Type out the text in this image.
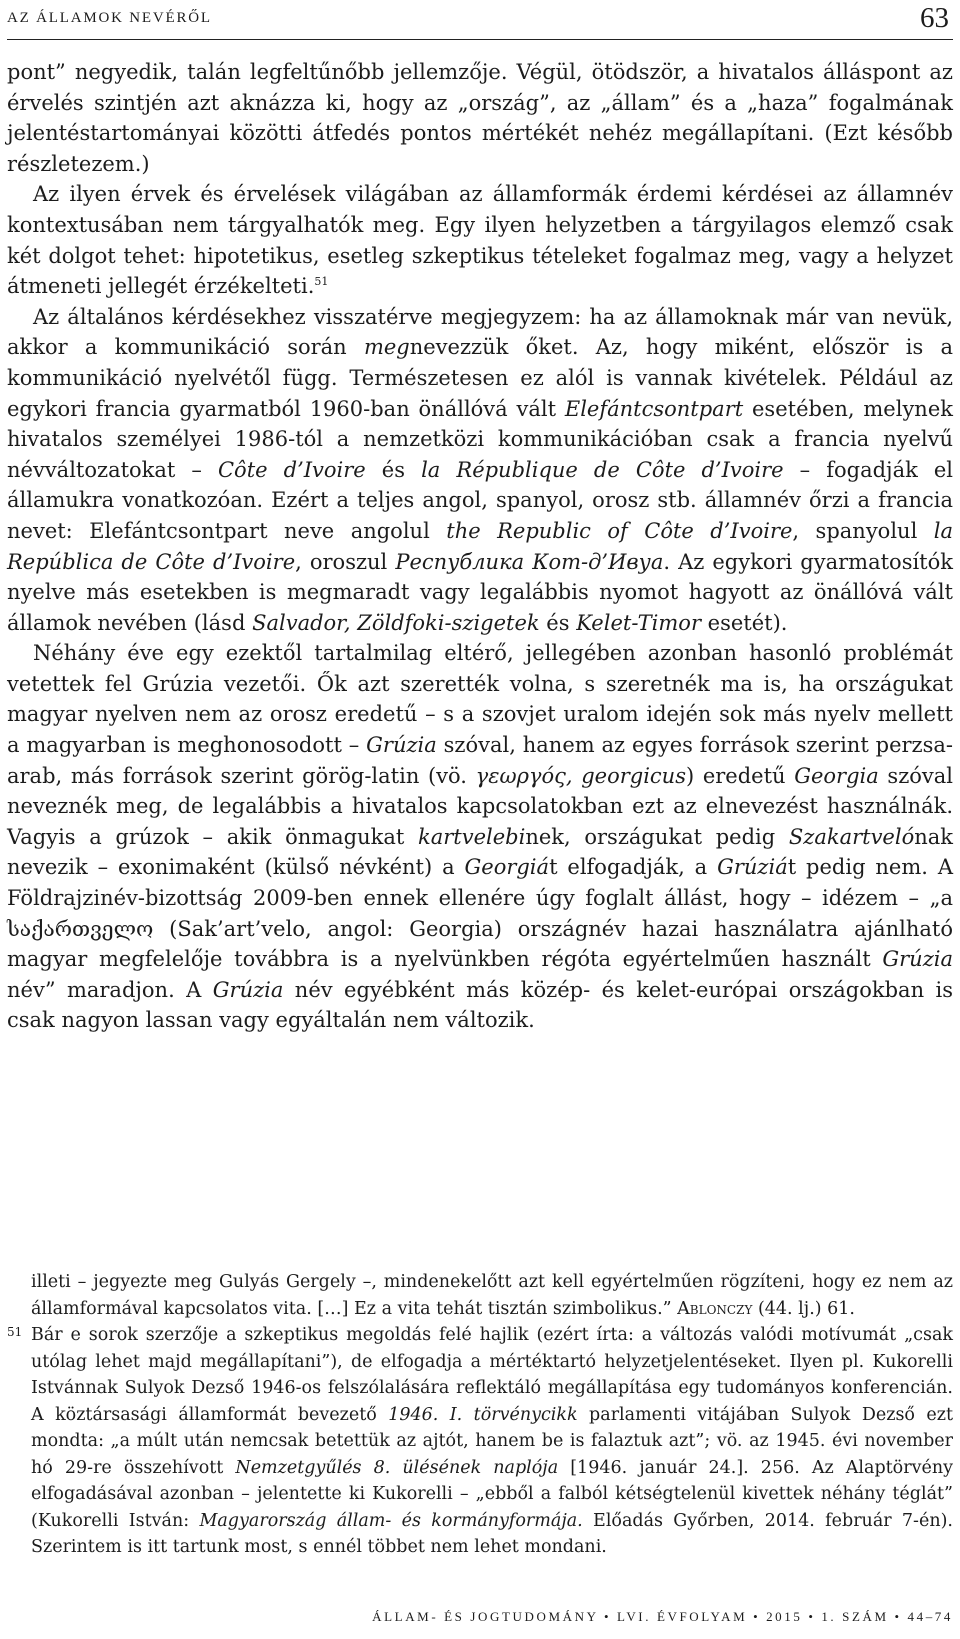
AZ ÁLLAMOK NEVÉRŐL	63

pont” negyedik, talán legfeltűnőbb jellemzője. Végül, ötödször, a hivatalos álláspont az érvelés szintjén azt aknázza ki, hogy az „ország”, az „állam” és a „haza” fogalmának jelentéstartományai közötti átfedés pontos mértékét nehéz megállapítani. (Ezt később részletezem.)

Az ilyen érvek és érvelések világában az államformák érdemi kérdései az államnév kontextusában nem tárgyalhatók meg. Egy ilyen helyzetben a tárgyilagos elemző csak két dolgot tehet: hipotetikus, esetleg szkeptikus tételeket fogalmaz meg, vagy a helyzet átmeneti jellegét érzékelteti.$^{51}$

Az általános kérdésekhez visszatérve megjegyzem: ha az államoknak már van nevük, akkor a kommunikáció során megnevezzük őket. Az, hogy miként, először is a kommunikáció nyelvétől függ. Természetesen ez alól is vannak kivételek. Például az egykori francia gyarmatból 1960-ban önállóvá vált Elefántcsontpart esetében, melynek hivatalos személyei 1986-tól a nemzetközi kommunikációban csak a francia nyelvű névváltozatokat – Côte d’Ivoire és la République de Côte d’Ivoire – fogadják el államukra vonatkozóan. Ezért a teljes angol, spanyol, orosz stb. államnév őrzi a francia nevet: Elefántcsontpart neve angolul the Republic of Côte d’Ivoire, spanyolul la República de Côte d’Ivoire, oroszul Республика Кот-д’Ивуа. Az egykori gyarmatosítók nyelve más esetekben is megmaradt vagy legalábbis nyomot hagyott az önállóvá vált államok nevében (lásd Salvador, Zöldfoki-szigetek és Kelet-Timor esetét).

Néhány éve egy ezektől tartalmilag eltérő, jellegében azonban hasonló problémát vetettek fel Grúzia vezetői. Ők azt szerették volna, s szeretnék ma is, ha országukat magyar nyelven nem az orosz eredetű – s a szovjet uralom idején sok más nyelv mellett a magyarban is meghonosodott – Grúzia szóval, hanem az egyes források szerint perzsa-arab, más források szerint görög-latin (vö. γεωργός, georgicus) eredetű Georgia szóval neveznék meg, de legalábbis a hivatalos kapcsolatokban ezt az elnevezést használnák. Vagyis a grúzok – akik önmagukat kartvelebinek, országukat pedig Szakartvelónak nevezik – exonimaként (külső névként) a Georgiát elfogadják, a Grúziát pedig nem. A Földrajzinév-bizottság 2009-ben ennek ellenére úgy foglalt állást, hogy – idézem – „a საქართველო (Sak’art’velo, angol: Georgia) országnév hazai használatra ajánlható magyar megfelelője továbbra is a nyelvünkben régóta egyértelműen használt Grúzia név” maradjon. A Grúzia név egyébként más közép- és kelet-európai országokban is csak nagyon lassan vagy egyáltalán nem változik.

illeti – jegyezte meg Gulyás Gergely –, mindenekelőtt azt kell egyértelműen rögzíteni, hogy ez nem az államformával kapcsolatos vita. […] Ez a vita tehát tisztán szimbolikus.” Ablonczy (44. lj.) 61.

51 Bár e sorok szerzője a szkeptikus megoldás felé hajlik (ezért írta: a változás valódi motívumát „csak utólag lehet majd megállapítani”), de elfogadja a mértéktartó helyzetjelentéseket. Ilyen pl. Kukorelli Istvánnak Sulyok Dezső 1946-os felszólalására reflektáló megállapítása egy tudományos konferencián. A köztársasági államformát bevezető 1946. I. törvénycikk parlamenti vitájában Sulyok Dezső ezt mondta: „a múlt után nemcsak betettük az ajtót, hanem be is falaztuk azt”; vö. az 1945. évi november hó 29-re összehívott Nemzetgyűlés 8. ülésének naplója [1946. január 24.]. 256. Az Alaptörvény elfogadásával azonban – jelentette ki Kukorelli – „ebből a falból kétségtelenül kivettek néhány téglát” (Kukorelli István: Magyarország állam- és kormányformája. Előadás Győrben, 2014. február 7-én). Szerintem is itt tartunk most, s ennél többet nem lehet mondani.

ÁLLAM- ÉS JOGTUDOMÁNY • LVI. ÉVFOLYAM • 2015 • 1. SZÁM • 44–74
